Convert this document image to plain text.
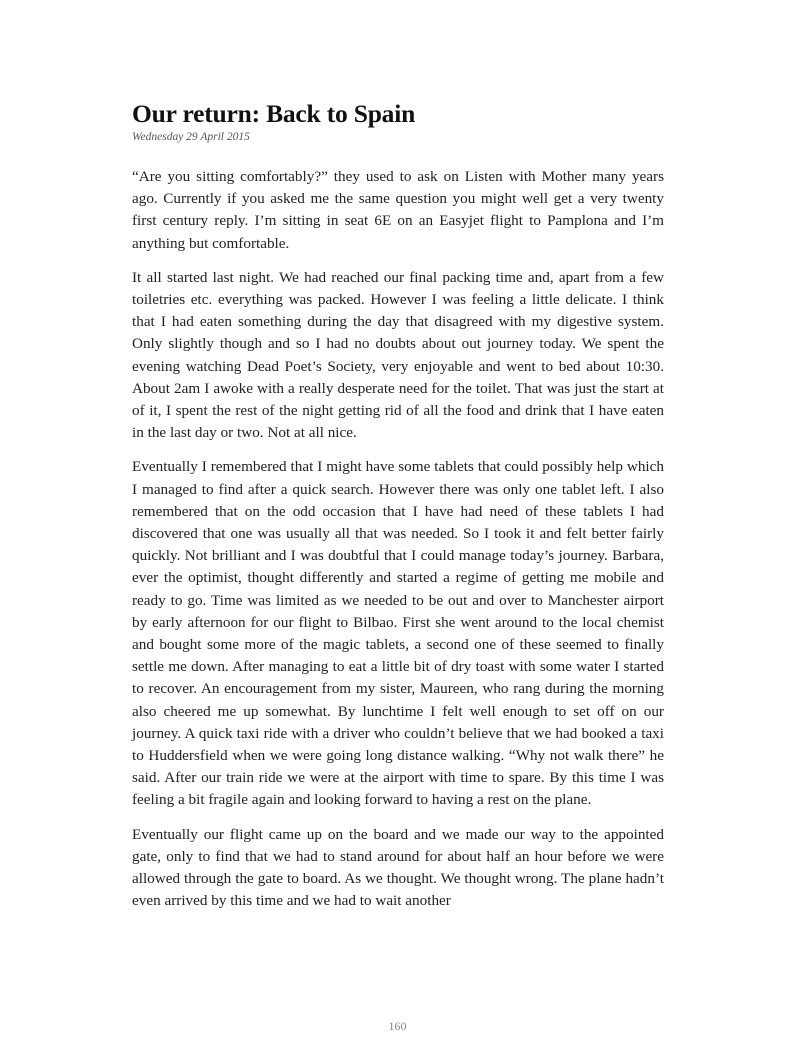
Our return: Back to Spain

Wednesday 29 April 2015

“Are you sitting comfortably?” they used to ask on Listen with Mother many years ago. Currently if you asked me the same question you might well get a very twenty first century reply. I’m sitting in seat 6E on an Easyjet flight to Pamplona and I’m anything but comfortable.

It all started last night. We had reached our final packing time and, apart from a few toiletries etc. everything was packed. However I was feeling a little delicate. I think that I had eaten something during the day that disagreed with my digestive system. Only slightly though and so I had no doubts about out journey today. We spent the evening watching Dead Poet’s Society, very enjoyable and went to bed about 10:30. About 2am I awoke with a really desperate need for the toilet. That was just the start at of it, I spent the rest of the night getting rid of all the food and drink that I have eaten in the last day or two. Not at all nice.

Eventually I remembered that I might have some tablets that could possibly help which I managed to find after a quick search. However there was only one tablet left. I also remembered that on the odd occasion that I have had need of these tablets I had discovered that one was usually all that was needed. So I took it and felt better fairly quickly. Not brilliant and I was doubtful that I could manage today’s journey. Barbara, ever the optimist, thought differently and started a regime of getting me mobile and ready to go. Time was limited as we needed to be out and over to Manchester airport by early afternoon for our flight to Bilbao. First she went around to the local chemist and bought some more of the magic tablets, a second one of these seemed to finally settle me down. After managing to eat a little bit of dry toast with some water I started to recover. An encouragement from my sister, Maureen, who rang during the morning also cheered me up somewhat. By lunchtime I felt well enough to set off on our journey. A quick taxi ride with a driver who couldn’t believe that we had booked a taxi to Huddersfield when we were going long distance walking. “Why not walk there” he said. After our train ride we were at the airport with time to spare. By this time I was feeling a bit fragile again and looking forward to having a rest on the plane.

Eventually our flight came up on the board and we made our way to the appointed gate, only to find that we had to stand around for about half an hour before we were allowed through the gate to board. As we thought. We thought wrong. The plane hadn’t even arrived by this time and we had to wait another

160
